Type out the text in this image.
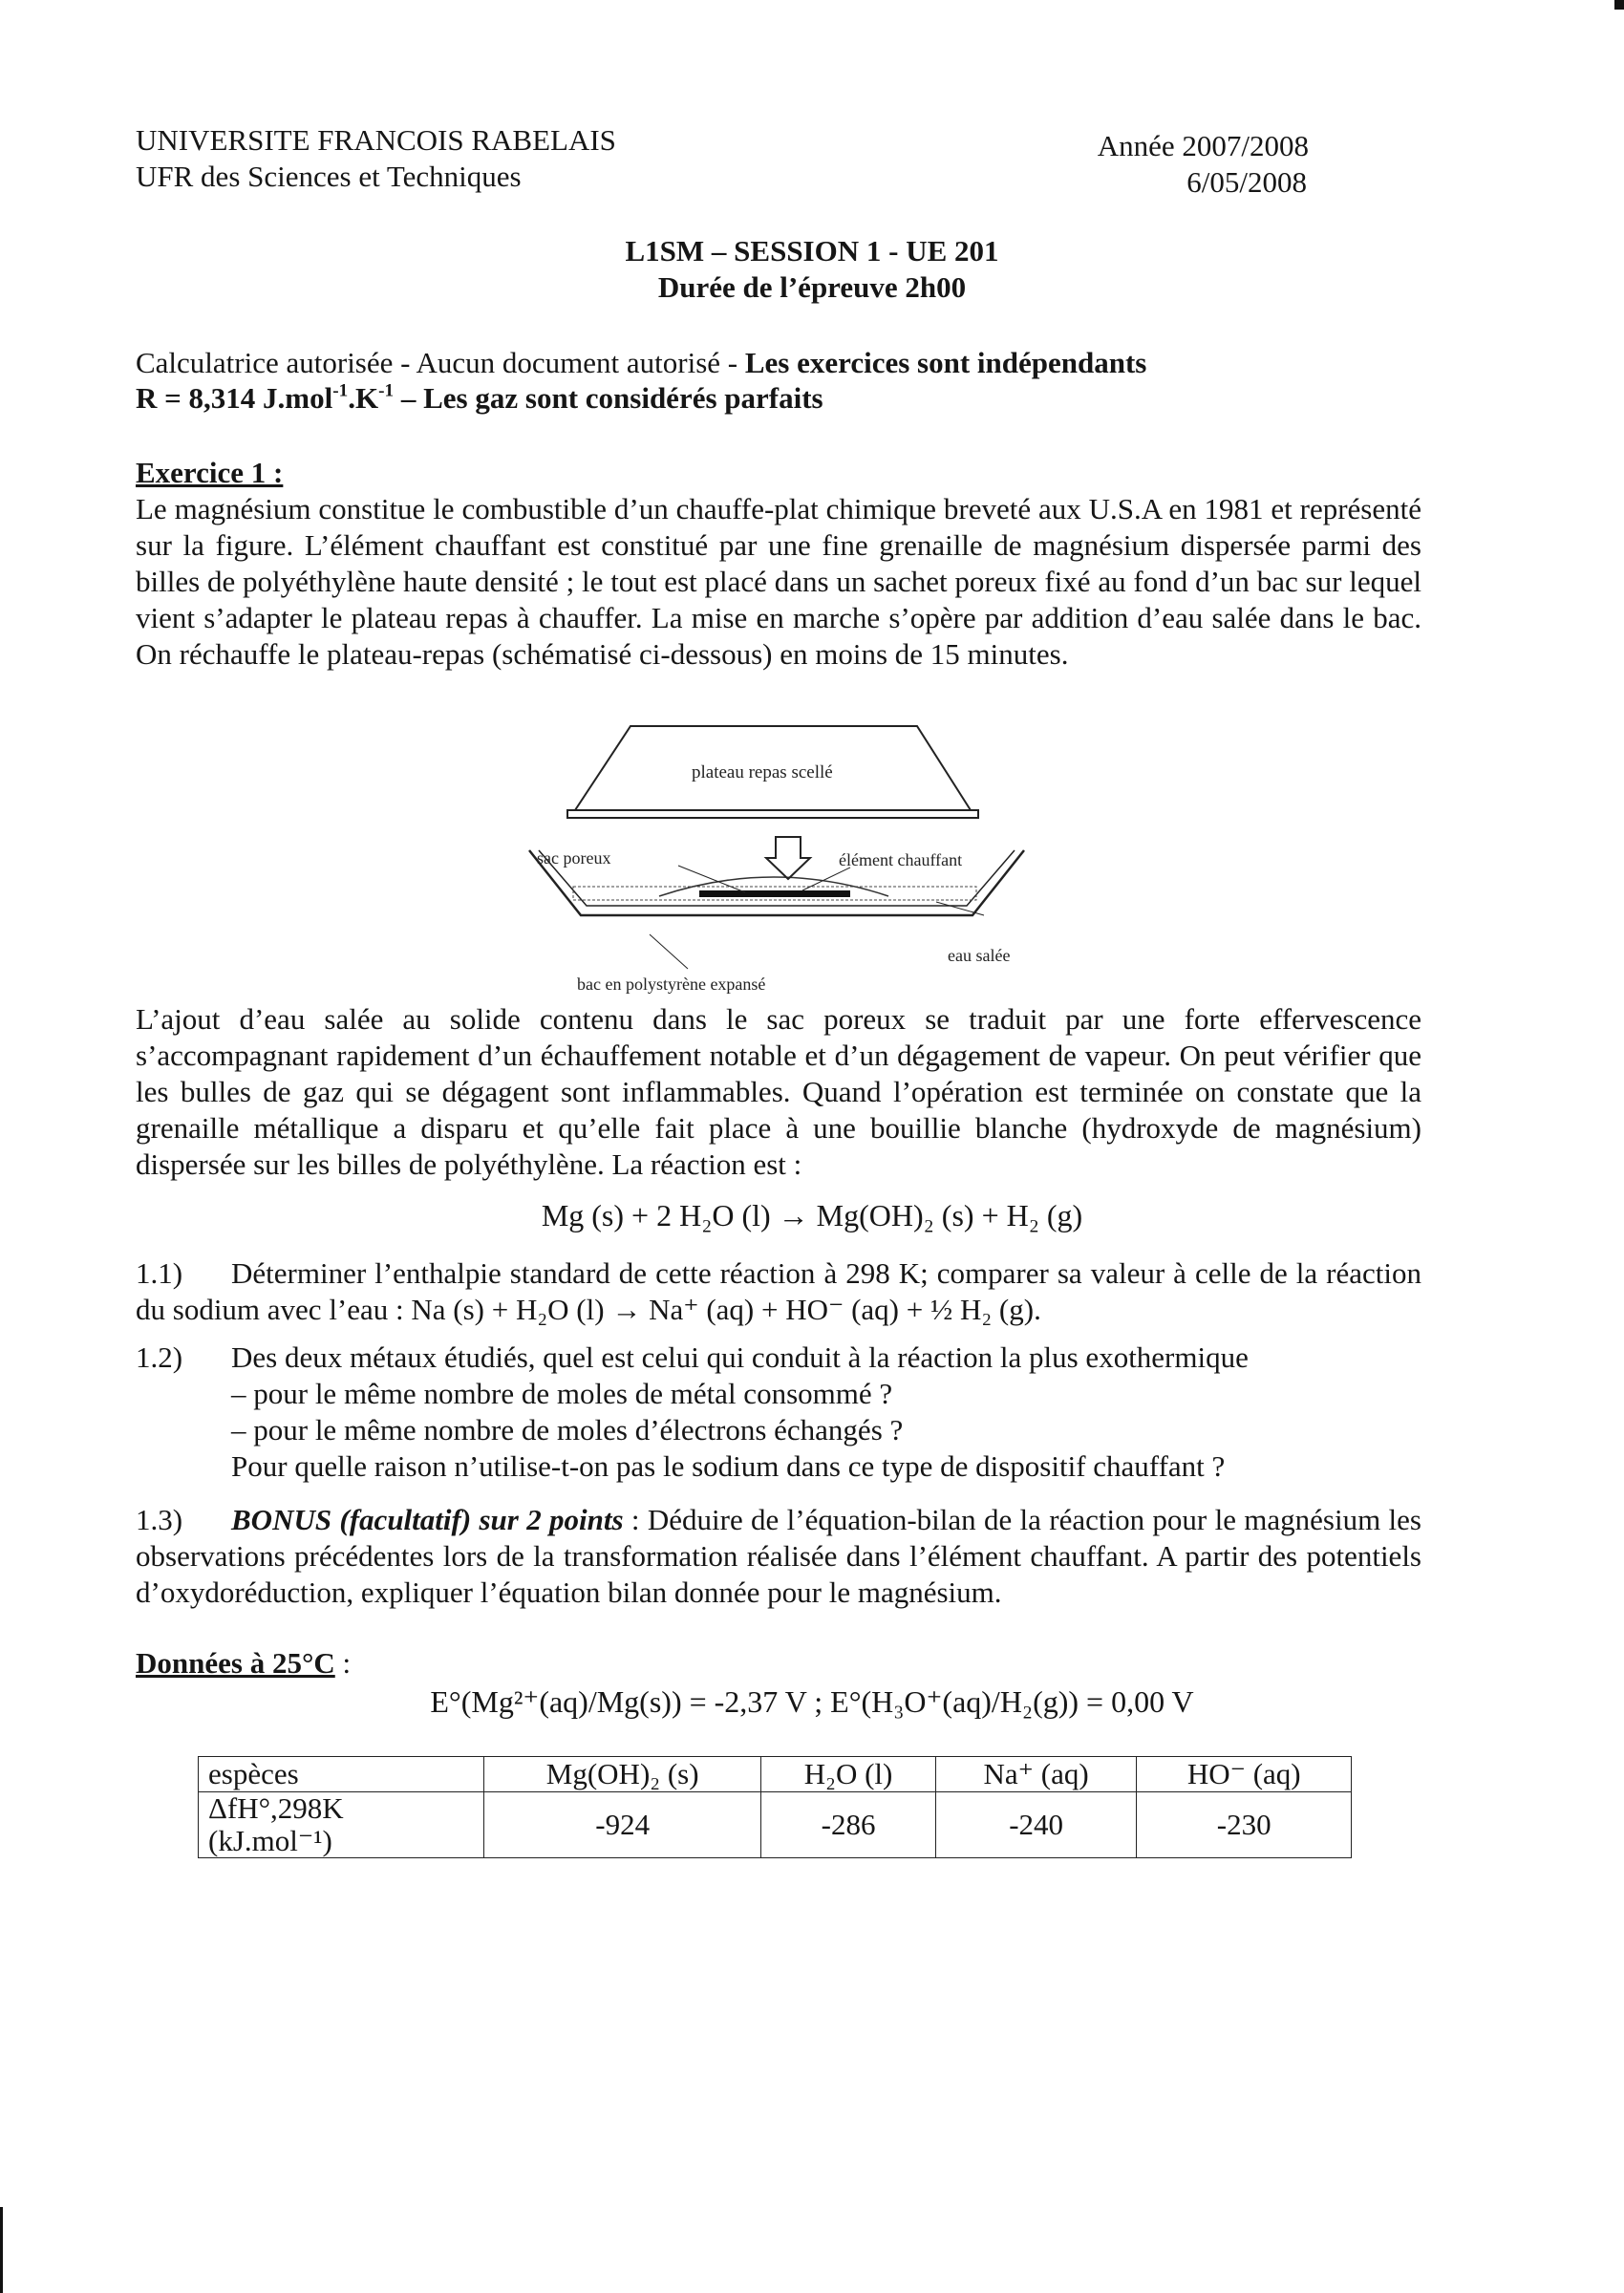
UNIVERSITE FRANCOIS RABELAIS
UFR des Sciences et Techniques
Année 2007/2008
6/05/2008
L1SM – SESSION 1 - UE 201
Durée de l’épreuve 2h00
Calculatrice autorisée - Aucun document autorisé - Les exercices sont indépendants
R = 8,314 $J.mol^{-1}.K^{-1}$ – Les gaz sont considérés parfaits
Exercice 1 :
Le magnésium constitue le combustible d’un chauffe-plat chimique breveté aux U.S.A en 1981 et représenté sur la figure. L’élément chauffant est constitué par une fine grenaille de magnésium dispersée parmi des billes de polyéthylène haute densité ; le tout est placé dans un sachet poreux fixé au fond d’un bac sur lequel vient s’adapter le plateau repas à chauffer. La mise en marche s’opère par addition d’eau salée dans le bac. On réchauffe le plateau-repas (schématisé ci-dessous) en moins de 15 minutes.
plateau repas scellé
sac poreux	élément chauffant
eau salée
bac en polystyrène expansé
L’ajout d’eau salée au solide contenu dans le sac poreux se traduit par une forte effervescence s’accompagnant rapidement d’un échauffement notable et d’un dégagement de vapeur. On peut vérifier que les bulles de gaz qui se dégagent sont inflammables. Quand l’opération est terminée on constate que la grenaille métallique a disparu et qu’elle fait place à une bouillie blanche (hydroxyde de magnésium) dispersée sur les billes de polyéthylène. La réaction est :
Mg (s) + 2 H₂O (l) → Mg(OH)₂ (s) + H₂ (g)
1.1)	Déterminer l’enthalpie standard de cette réaction à 298 K; comparer sa valeur à celle de la réaction du sodium avec l’eau : Na (s) + H₂O (l) → Na⁺ (aq) + HO⁻ (aq) + ½ H₂ (g).
1.2) Des deux métaux étudiés, quel est celui qui conduit à la réaction la plus exothermique
– pour le même nombre de moles de métal consommé ?
– pour le même nombre de moles d’électrons échangés ?
Pour quelle raison n’utilise-t-on pas le sodium dans ce type de dispositif chauffant ?
1.3)	BONUS (facultatif) sur 2 points : Déduire de l’équation-bilan de la réaction pour le magnésium les observations précédentes lors de la transformation réalisée dans l’élément chauffant. A partir des potentiels d’oxydoréduction, expliquer l’équation bilan donnée pour le magnésium.
Données à 25°C :
E°(Mg²⁺(aq)/Mg(s)) = -2,37 V ; E°(H₃O⁺(aq)/H₂(g)) = 0,00 V
espèces	Mg(OH)₂ (s)	H₂O (l)	Na⁺ (aq)	HO⁻ (aq)
ΔfH°,298K (kJ.mol⁻¹)	-924	-286	-240	-230
